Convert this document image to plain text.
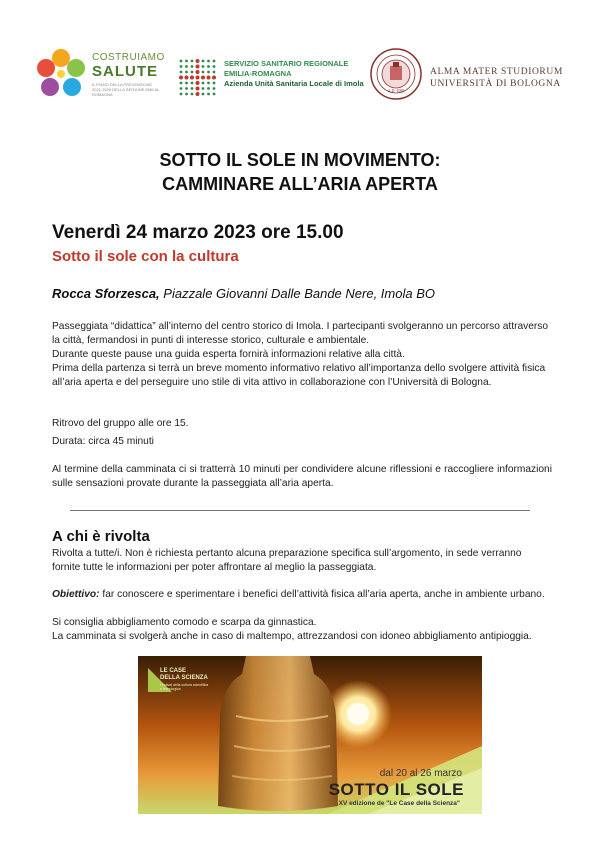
COSTRUIAMO
SALUTE
IL PIANO DELLA PREVENZIONE 2021-2025 DELLA REGIONE EMILIA-ROMAGNA
SERVIZIO SANITARIO REGIONALE
EMILIA-ROMAGNA
Azienda Unità Sanitaria Locale di Imola
A.D. 1088
ALMA MATER STUDIORUM
UNIVERSITÀ DI BOLOGNA
SOTTO IL SOLE IN MOVIMENTO:
CAMMINARE ALL’ARIA APERTA
Venerdì 24 marzo 2023 ore 15.00
Sotto il sole con la cultura
Rocca Sforzesca, Piazzale Giovanni Dalle Bande Nere, Imola BO
Passeggiata “didattica” all’interno del centro storico di Imola. I partecipanti svolgeranno un percorso attraverso la città, fermandosi in punti di interesse storico, culturale e ambientale.
Durante queste pause una guida esperta fornirà informazioni relative alla città.
Prima della partenza si terrà un breve momento informativo relativo all’importanza dello svolgere attività fisica all’aria aperta e del perseguire uno stile di vita attivo in collaborazione con l’Università di Bologna.
Ritrovo del gruppo alle ore 15.
Durata: circa 45 minuti
Al termine della camminata ci si tratterrà 10 minuti per condividere alcune riflessioni e raccogliere informazioni sulle sensazioni provate durante la passeggiata all’aria aperta.
A chi è rivolta
Rivolta a tutte/i. Non è richiesta pertanto alcuna preparazione specifica sull’argomento, in sede verranno fornite tutte le informazioni per poter affrontare al meglio la passeggiata.
Obiettivo: far conoscere e sperimentare i benefici dell’attività fisica all’aria aperta, anche in ambiente urbano.
Si consiglia abbigliamento comodo e scarpa da ginnastica.
La camminata si svolgerà anche in caso di maltempo, attrezzandosi con idoneo abbigliamento antipioggia.
LE CASE
DELLA SCIENZA
Festival della cultura scientifica e tecnologica
dal 20 al 26 marzo
SOTTO IL SOLE
XV edizione de "Le Case della Scienza"
